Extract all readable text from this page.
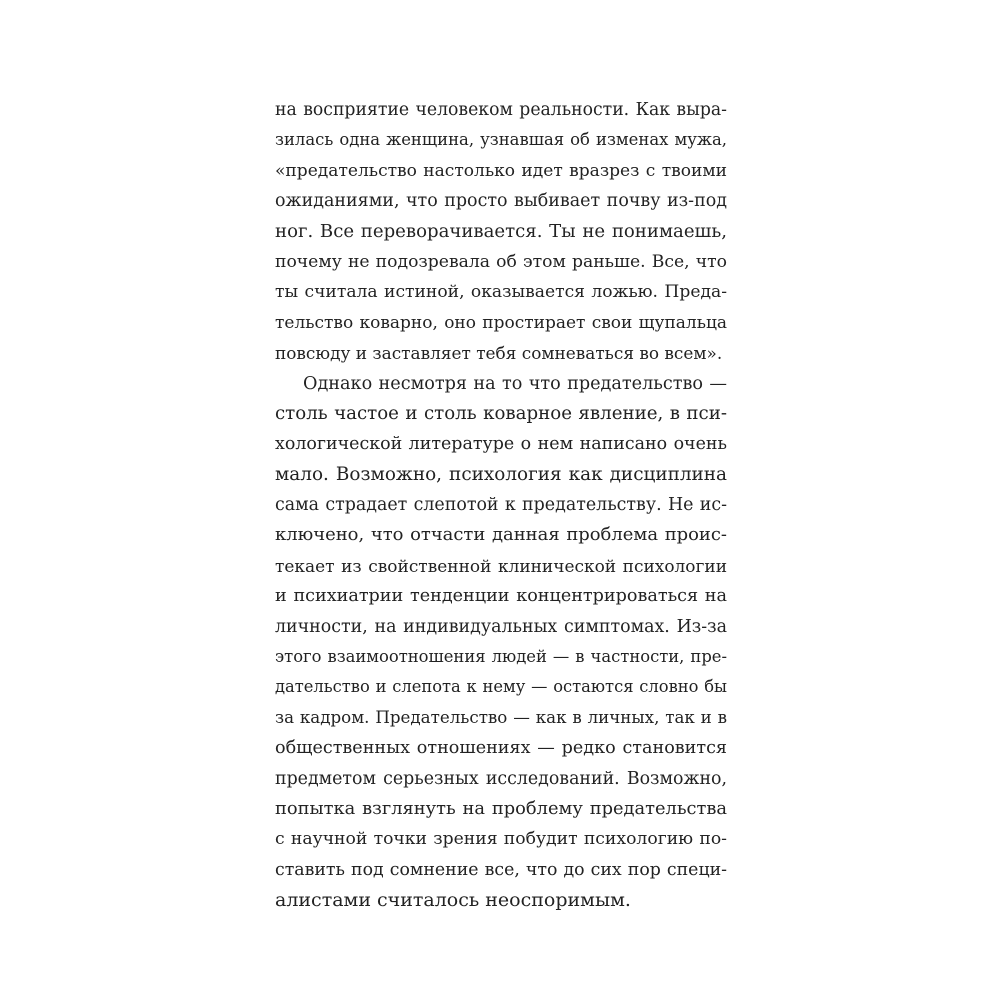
на восприятие человеком реальности. Как выра-
зилась одна женщина, узнавшая об изменах мужа,
«предательство настолько идет вразрез с твоими
ожиданиями, что просто выбивает почву из-под
ног. Все переворачивается. Ты не понимаешь,
почему не подозревала об этом раньше. Все, что
ты считала истиной, оказывается ложью. Преда-
тельство коварно, оно простирает свои щупальца
повсюду и заставляет тебя сомневаться во всем».
Однако несмотря на то что предательство —
столь частое и столь коварное явление, в пси-
хологической литературе о нем написано очень
мало. Возможно, психология как дисциплина
сама страдает слепотой к предательству. Не ис-
ключено, что отчасти данная проблема проис-
текает из свойственной клинической психологии
и психиатрии тенденции концентрироваться на
личности, на индивидуальных симптомах. Из-за
этого взаимоотношения людей — в частности, пре-
дательство и слепота к нему — остаются словно бы
за кадром. Предательство — как в личных, так и в
общественных отношениях — редко становится
предметом серьезных исследований. Возможно,
попытка взглянуть на проблему предательства
с научной точки зрения побудит психологию по-
ставить под сомнение все, что до сих пор специ-
алистами считалось неоспоримым.
